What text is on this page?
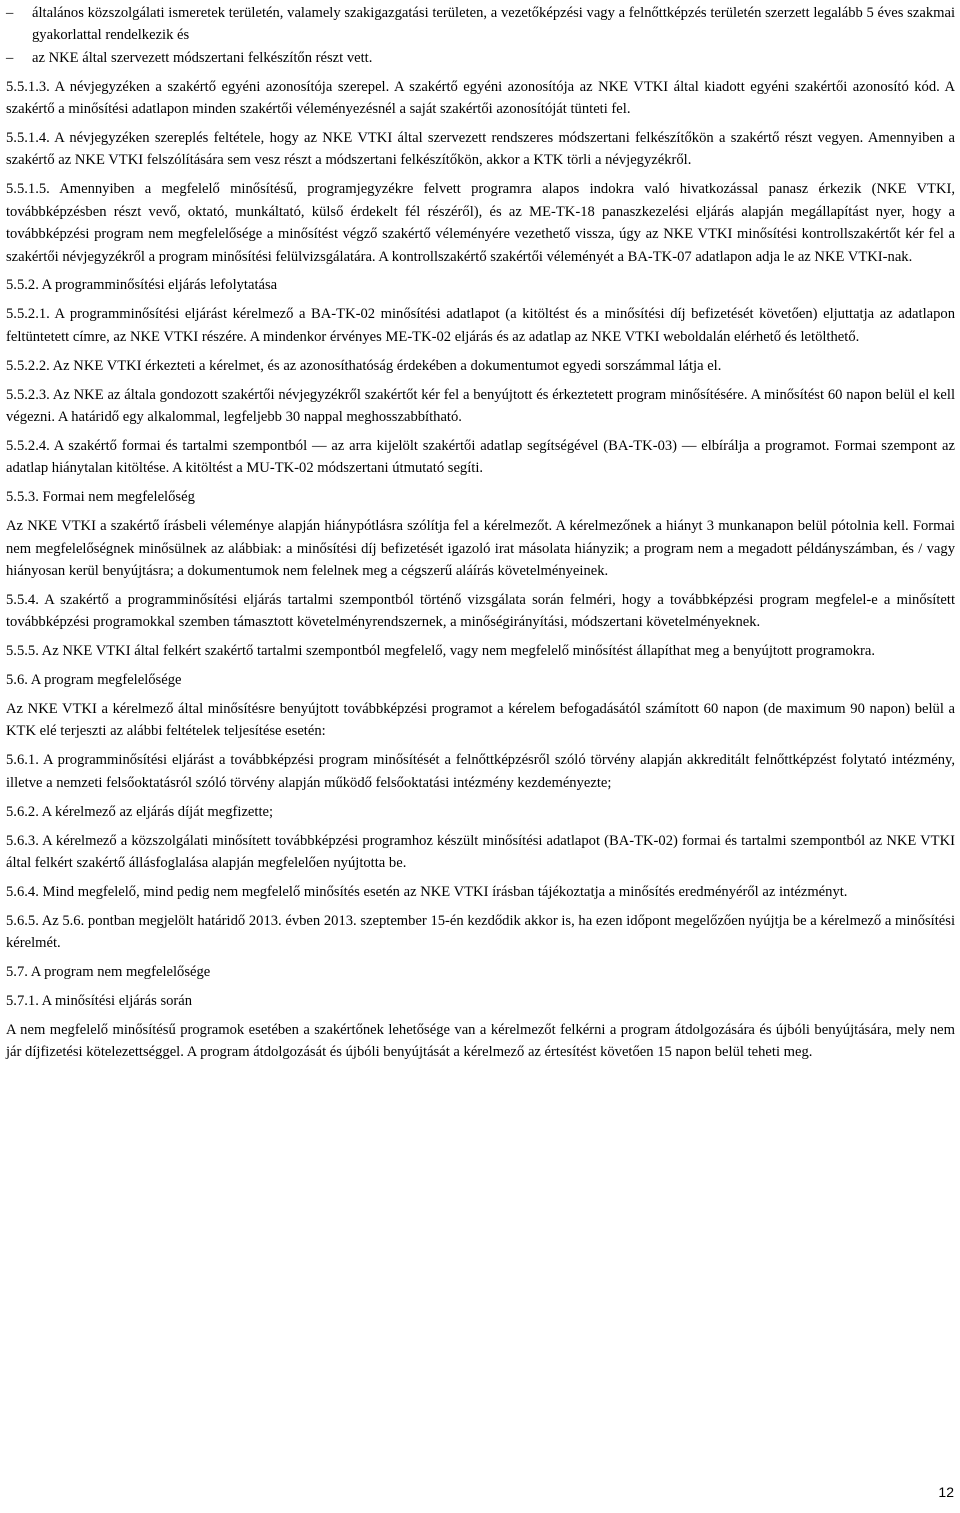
– általános közszolgálati ismeretek területén, valamely szakigazgatási területen, a vezetőképzési vagy a felnőttképzés területén szerzett legalább 5 éves szakmai gyakorlattal rendelkezik és
– az NKE által szervezett módszertani felkészítőn részt vett.

5.5.1.3. A névjegyzéken a szakértő egyéni azonosítója szerepel. A szakértő egyéni azonosítója az NKE VTKI által kiadott egyéni szakértői azonosító kód. A szakértő a minősítési adatlapon minden szakértői véleményezésnél a saját szakértői azonosítóját tünteti fel.

5.5.1.4. A névjegyzéken szereplés feltétele, hogy az NKE VTKI által szervezett rendszeres módszertani felkészítőkön a szakértő részt vegyen. Amennyiben a szakértő az NKE VTKI felszólítására sem vesz részt a módszertani felkészítőkön, akkor a KTK törli a névjegyzékről.

5.5.1.5. Amennyiben a megfelelő minősítésű, programjegyzékre felvett programra alapos indokra való hivatkozással panasz érkezik (NKE VTKI, továbbképzésben részt vevő, oktató, munkáltató, külső érdekelt fél részéről), és az ME-TK-18 panaszkezelési eljárás alapján megállapítást nyer, hogy a továbbképzési program nem megfelelősége a minősítést végző szakértő véleményére vezethető vissza, úgy az NKE VTKI minősítési kontrollszakértőt kér fel a szakértői névjegyzékről a program minősítési felülvizsgálatára. A kontrollszakértő szakértői véleményét a BA-TK-07 adatlapon adja le az NKE VTKI-nak.

5.5.2. A programminősítési eljárás lefolytatása

5.5.2.1. A programminősítési eljárást kérelmező a BA-TK-02 minősítési adatlapot (a kitöltést és a minősítési díj befizetését követően) eljuttatja az adatlapon feltüntetett címre, az NKE VTKI részére. A mindenkor érvényes ME-TK-02 eljárás és az adatlap az NKE VTKI weboldalán elérhető és letölthető.

5.5.2.2. Az NKE VTKI érkezteti a kérelmet, és az azonosíthatóság érdekében a dokumentumot egyedi sorszámmal látja el.

5.5.2.3. Az NKE az általa gondozott szakértői névjegyzékről szakértőt kér fel a benyújtott és érkeztetett program minősítésére. A minősítést 60 napon belül el kell végezni. A határidő egy alkalommal, legfeljebb 30 nappal meghosszabbítható.

5.5.2.4. A szakértő formai és tartalmi szempontból — az arra kijelölt szakértői adatlap segítségével (BA-TK-03) — elbírálja a programot. Formai szempont az adatlap hiánytalan kitöltése. A kitöltést a MU-TK-02 módszertani útmutató segíti.

5.5.3. Formai nem megfelelőség

Az NKE VTKI a szakértő írásbeli véleménye alapján hiánypótlásra szólítja fel a kérelmezőt. A kérelmezőnek a hiányt 3 munkanapon belül pótolnia kell. Formai nem megfelelőségnek minősülnek az alábbiak: a minősítési díj befizetését igazoló irat másolata hiányzik; a program nem a megadott példányszámban, és / vagy hiányosan kerül benyújtásra; a dokumentumok nem felelnek meg a cégszerű aláírás követelményeinek.

5.5.4. A szakértő a programminősítési eljárás tartalmi szempontból történő vizsgálata során felméri, hogy a továbbképzési program megfelel-e a minősített továbbképzési programokkal szemben támasztott követelményrendszernek, a minőségirányítási, módszertani követelményeknek.

5.5.5. Az NKE VTKI által felkért szakértő tartalmi szempontból megfelelő, vagy nem megfelelő minősítést állapíthat meg a benyújtott programokra.

5.6. A program megfelelősége

Az NKE VTKI a kérelmező által minősítésre benyújtott továbbképzési programot a kérelem befogadásától számított 60 napon (de maximum 90 napon) belül a KTK elé terjeszti az alábbi feltételek teljesítése esetén:

5.6.1. A programminősítési eljárást a továbbképzési program minősítését a felnőttképzésről szóló törvény alapján akkreditált felnőttképzést folytató intézmény, illetve a nemzeti felsőoktatásról szóló törvény alapján működő felsőoktatási intézmény kezdeményezte;

5.6.2. A kérelmező az eljárás díját megfizette;

5.6.3. A kérelmező a közszolgálati minősített továbbképzési programhoz készült minősítési adatlapot (BA-TK-02) formai és tartalmi szempontból az NKE VTKI által felkért szakértő állásfoglalása alapján megfelelően nyújtotta be.

5.6.4. Mind megfelelő, mind pedig nem megfelelő minősítés esetén az NKE VTKI írásban tájékoztatja a minősítés eredményéről az intézményt.

5.6.5. Az 5.6. pontban megjelölt határidő 2013. évben 2013. szeptember 15-én kezdődik akkor is, ha ezen időpont megelőzően nyújtja be a kérelmező a minősítési kérelmét.

5.7. A program nem megfelelősége

5.7.1. A minősítési eljárás során

A nem megfelelő minősítésű programok esetében a szakértőnek lehetősége van a kérelmezőt felkérni a program átdolgozására és újbóli benyújtására, mely nem jár díjfizetési kötelezettséggel. A program átdolgozását és újbóli benyújtását a kérelmező az értesítést követően 15 napon belül teheti meg.

12
